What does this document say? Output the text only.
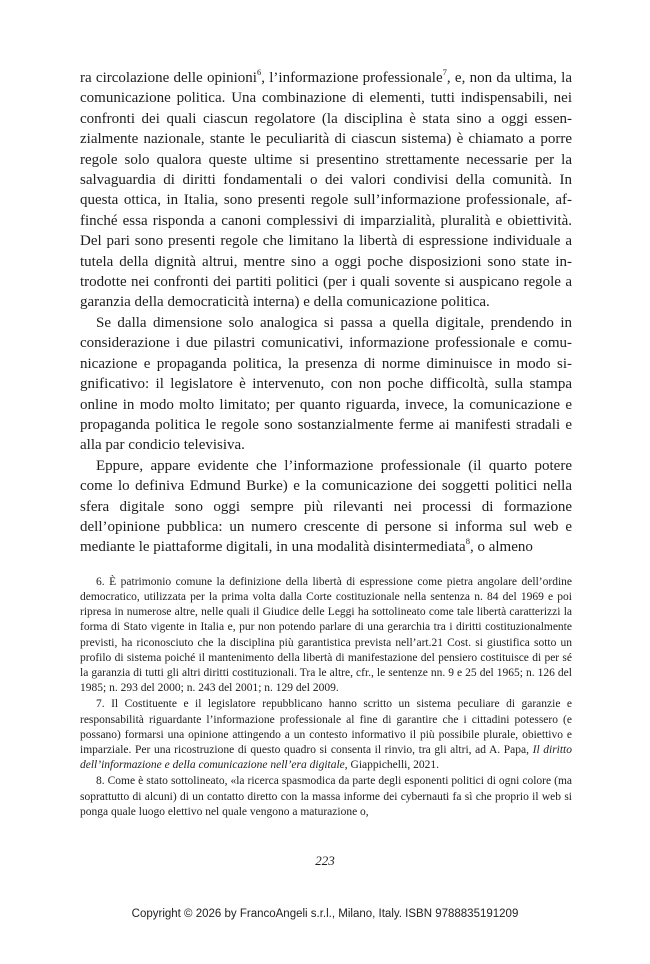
ra circolazione delle opinioni$^6$, l’informazione professionale$^7$, e, non da ultima, la comunicazione politica. Una combinazione di elementi, tutti indispensabili, nei confronti dei quali ciascun regolatore (la disciplina è stata sino a oggi essenzialmente nazionale, stante le peculiarità di ciascun sistema) è chiamato a porre regole solo qualora queste ultime si presentino strettamente necessarie per la salvaguardia di diritti fondamentali o dei valori condivisi della comunità. In questa ottica, in Italia, sono presenti regole sull’informazione professionale, affinché essa risponda a canoni complessivi di imparzialità, pluralità e obiettività. Del pari sono presenti regole che limitano la libertà di espressione individuale a tutela della dignità altrui, mentre sino a oggi poche disposizioni sono state introdotte nei confronti dei partiti politici (per i quali sovente si auspicano regole a garanzia della democraticità interna) e della comunicazione politica.

Se dalla dimensione solo analogica si passa a quella digitale, prendendo in considerazione i due pilastri comunicativi, informazione professionale e comunicazione e propaganda politica, la presenza di norme diminuisce in modo significativo: il legislatore è intervenuto, con non poche difficoltà, sulla stampa online in modo molto limitato; per quanto riguarda, invece, la comunicazione e propaganda politica le regole sono sostanzialmente ferme ai manifesti stradali e alla par condicio televisiva.

Eppure, appare evidente che l’informazione professionale (il quarto potere come lo definiva Edmund Burke) e la comunicazione dei soggetti politici nella sfera digitale sono oggi sempre più rilevanti nei processi di formazione dell’opinione pubblica: un numero crescente di persone si informa sul web e mediante le piattaforme digitali, in una modalità disintermediata$^8$, o almeno

6. È patrimonio comune la definizione della libertà di espressione come pietra angolare dell’ordine democratico, utilizzata per la prima volta dalla Corte costituzionale nella sentenza n. 84 del 1969 e poi ripresa in numerose altre, nelle quali il Giudice delle Leggi ha sottolineato come tale libertà caratterizzi la forma di Stato vigente in Italia e, pur non potendo parlare di una gerarchia tra i diritti costituzionalmente previsti, ha riconosciuto che la disciplina più garantistica prevista nell’art.21 Cost. si giustifica sotto un profilo di sistema poiché il mantenimento della libertà di manifestazione del pensiero costituisce di per sé la garanzia di tutti gli altri diritti costituzionali. Tra le altre, cfr., le sentenze nn. 9 e 25 del 1965; n. 126 del 1985; n. 293 del 2000; n. 243 del 2001; n. 129 del 2009.

7. Il Costituente e il legislatore repubblicano hanno scritto un sistema peculiare di garanzie e responsabilità riguardante l’informazione professionale al fine di garantire che i cittadini potessero (e possano) formarsi una opinione attingendo a un contesto informativo il più possibile plurale, obiettivo e imparziale. Per una ricostruzione di questo quadro si consenta il rinvio, tra gli altri, ad A. Papa, Il diritto dell’informazione e della comunicazione nell’era digitale, Giappichelli, 2021.

8. Come è stato sottolineato, «la ricerca spasmodica da parte degli esponenti politici di ogni colore (ma soprattutto di alcuni) di un contatto diretto con la massa informe dei cybernauti fa sì che proprio il web si ponga quale luogo elettivo nel quale vengono a maturazione o,

223
Copyright © 2026 by FrancoAngeli s.r.l., Milano, Italy. ISBN 9788835191209
